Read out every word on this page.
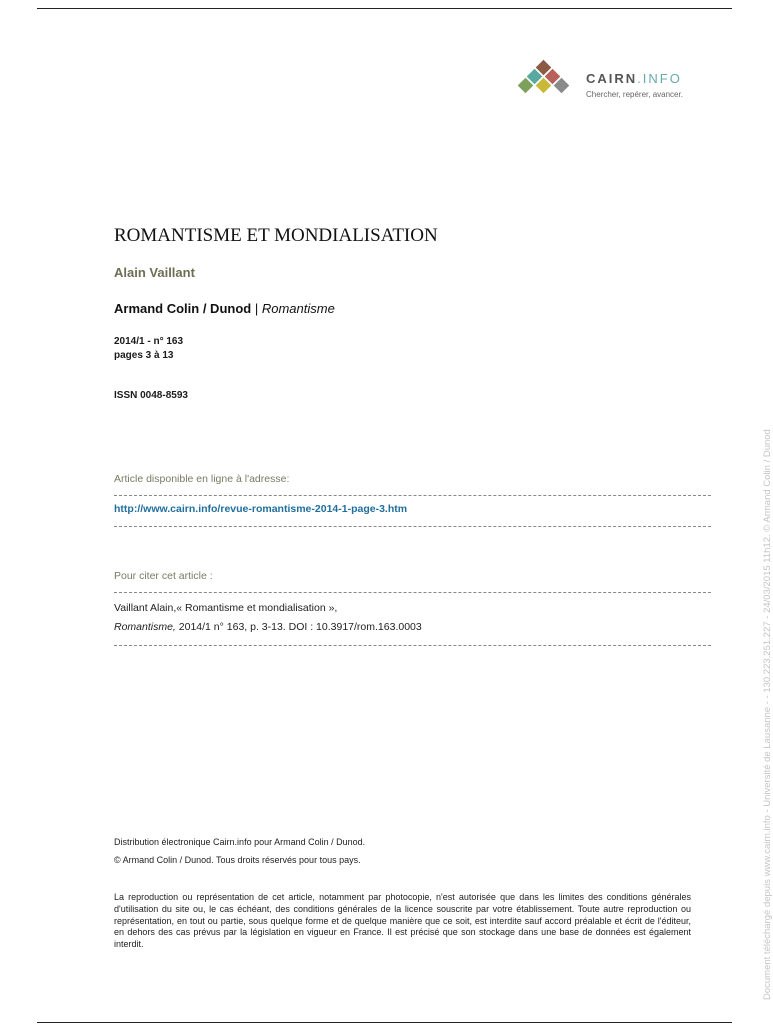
CAIRN.INFO
Chercher, repérer, avancer.
ROMANTISME ET MONDIALISATION
Alain Vaillant
Armand Colin / Dunod | Romantisme
2014/1 - n° 163
pages 3 à 13
ISSN 0048-8593
Article disponible en ligne à l'adresse:
http://www.cairn.info/revue-romantisme-2014-1-page-3.htm
Pour citer cet article :
Vaillant Alain,« Romantisme et mondialisation »,
Romantisme, 2014/1 n° 163, p. 3-13. DOI : 10.3917/rom.163.0003
Distribution électronique Cairn.info pour Armand Colin / Dunod.
© Armand Colin / Dunod. Tous droits réservés pour tous pays.
La reproduction ou représentation de cet article, notamment par photocopie, n'est autorisée que dans les limites des conditions générales d'utilisation du site ou, le cas échéant, des conditions générales de la licence souscrite par votre établissement. Toute autre reproduction ou représentation, en tout ou partie, sous quelque forme et de quelque manière que ce soit, est interdite sauf accord préalable et écrit de l'éditeur, en dehors des cas prévus par la législation en vigueur en France. Il est précisé que son stockage dans une base de données est également interdit.	Document téléchargé depuis www.cairn.info - Université de Lausanne - - 130.223.251.227 - 24/03/2015 11h12. © Armand Colin / Dunod
